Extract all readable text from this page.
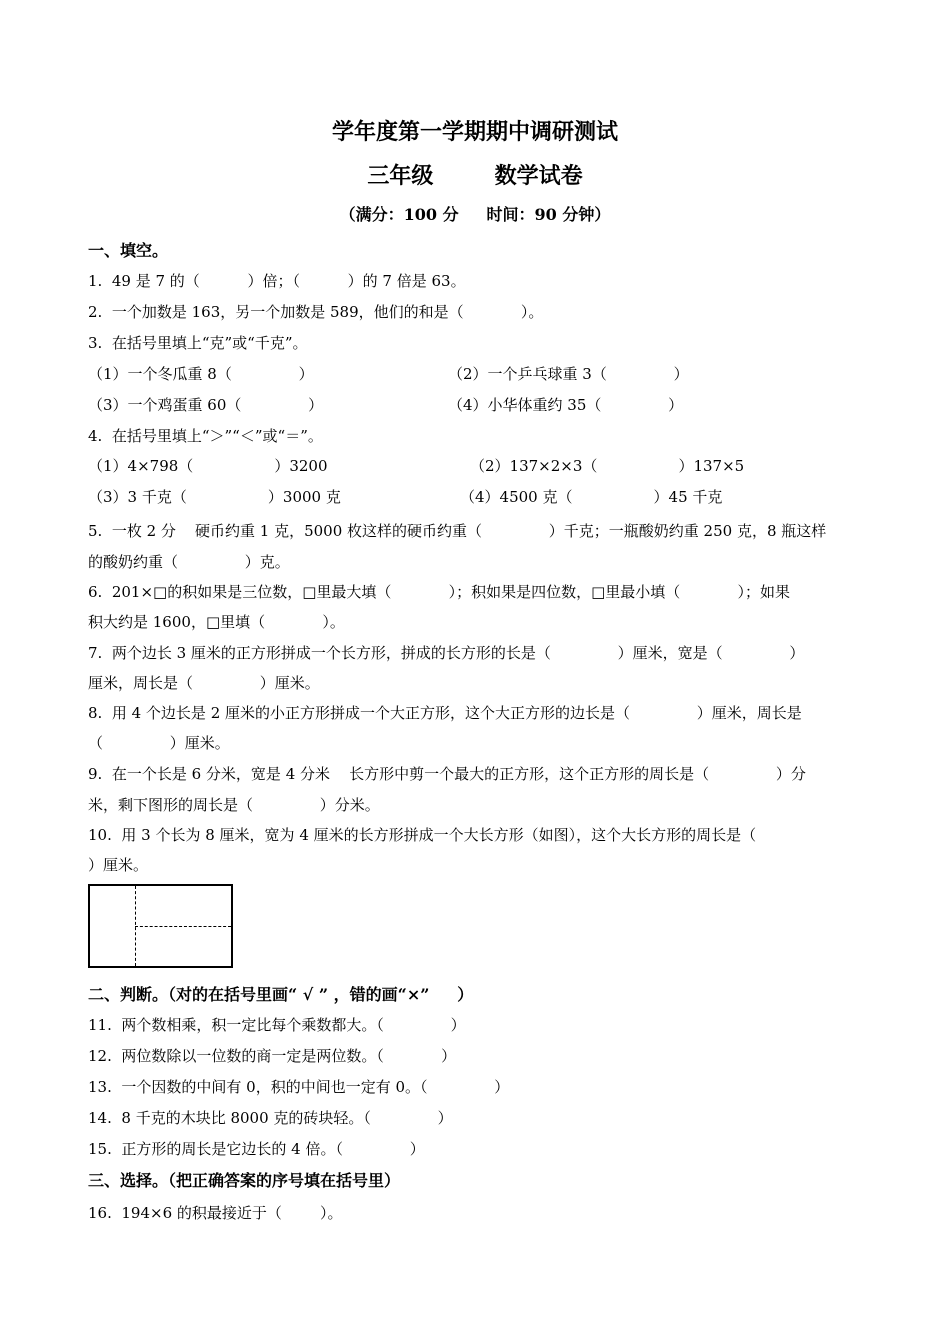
学年度第一学期期中调研测试
三年级        数学试卷
（满分：100 分     时间：90 分钟）
一、填空。
1.  49 是 7 的（          ）倍；（          ）的 7 倍是 63。
2.  一个加数是 163，另一个加数是 589，他们的和是（            ）。
3.  在括号里填上“克”或“千克”。
（1）一个冬瓜重 8（              ）	（2）一个乒乓球重 3（              ）
（3）一个鸡蛋重 60（              ）	（4）小华体重约 35（              ）
4.  在括号里填上“＞”“＜”或“＝”。
（1）4×798（                 ）3200	（2）137×2×3（                 ）137×5
（3）3 千克（                 ）3000 克	（4）4500 克（                 ）45 千克
5.  一枚 2 分    硬币约重 1 克，5000 枚这样的硬币约重（              ）千克；一瓶酸奶约重 250 克，8 瓶这样
的酸奶约重（              ）克。
6.  201×□的积如果是三位数，□里最大填（            ）；积如果是四位数，□里最小填（            ）；如果
积大约是 1600，□里填（            ）。
7.  两个边长 3 厘米的正方形拼成一个长方形，拼成的长方形的长是（              ）厘米，宽是（              ）
厘米，周长是（              ）厘米。
8.  用 4 个边长是 2 厘米的小正方形拼成一个大正方形，这个大正方形的边长是（              ）厘米，周长是
（              ）厘米。
9.  在一个长是 6 分米，宽是 4 分米    长方形中剪一个最大的正方形，这个正方形的周长是（              ）分
米，剩下图形的周长是（              ）分米。
10.  用 3 个长为 8 厘米，宽为 4 厘米的长方形拼成一个大长方形（如图），这个大长方形的周长是（
）厘米。
二、判断。（对的在括号里画“ √ ” ，错的画“×”     ）
11.  两个数相乘，积一定比每个乘数都大。（              ）
12.  两位数除以一位数的商一定是两位数。（            ）
13.  一个因数的中间有 0，积的中间也一定有 0。（              ）
14.  8 千克的木块比 8000 克的砖块轻。（              ）
15.  正方形的周长是它边长的 4 倍。（              ）
三、选择。（把正确答案的序号填在括号里）
16.  194×6 的积最接近于（        ）。
